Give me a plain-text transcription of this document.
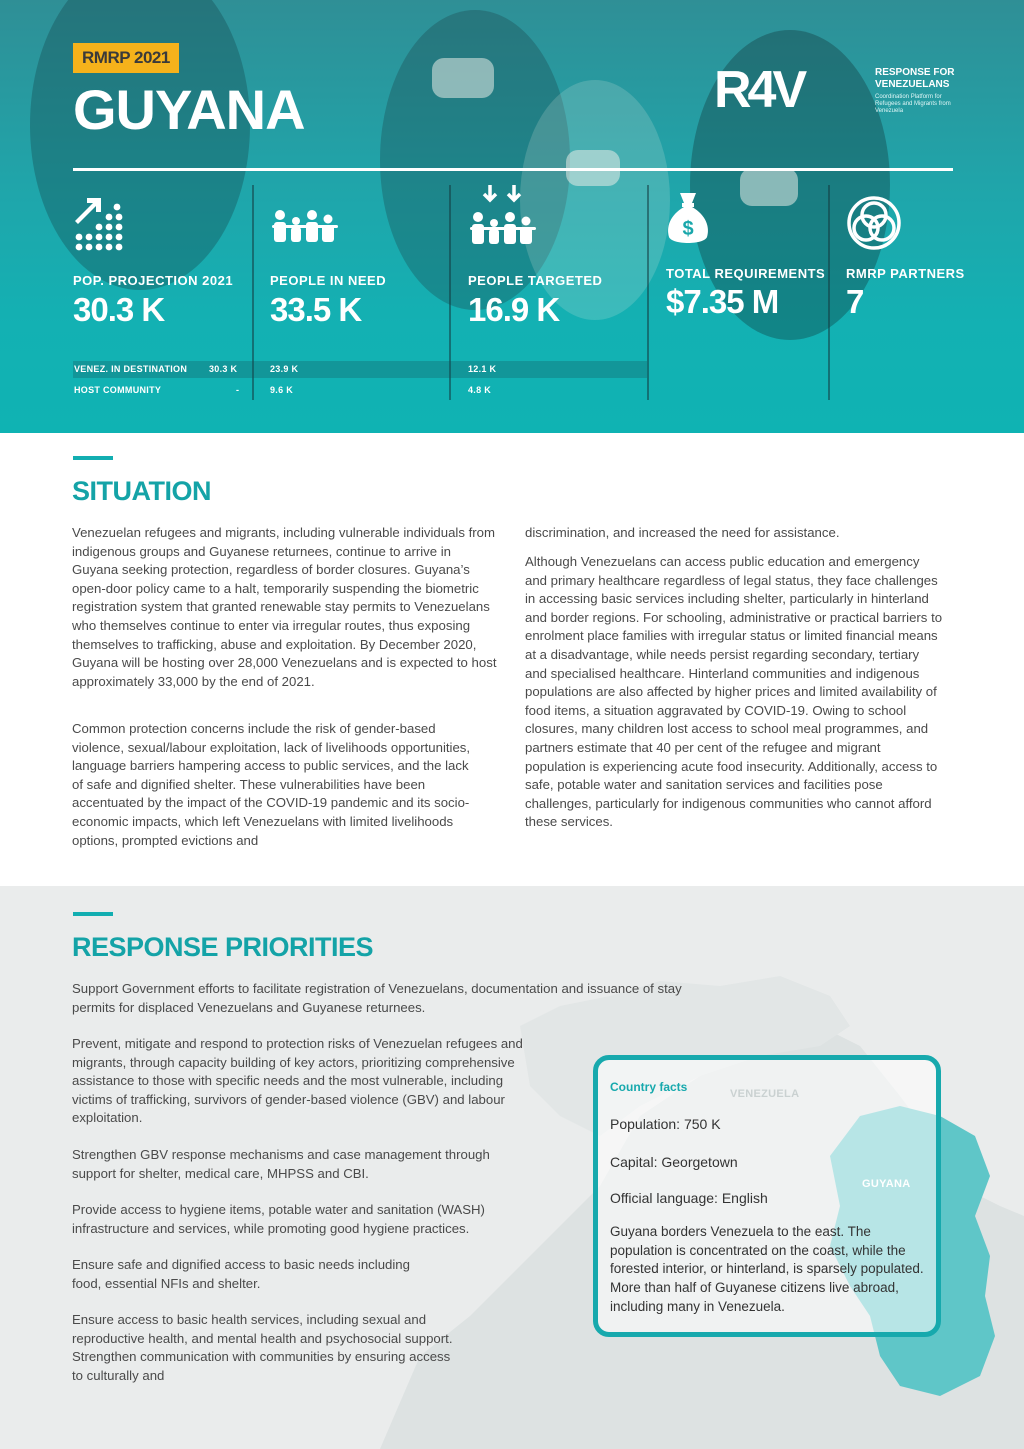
RMRP 2021
GUYANA	R4V	RESPONSE FOR VENEZUELANS
Coordination Platform for Refugees and Migrants from Venezuela
POP. PROJECTION 2021
30.3 K
PEOPLE IN NEED
33.5 K
PEOPLE TARGETED
16.9 K
$
TOTAL REQUIREMENTS
$7.35 M
RMRP PARTNERS
7
VENEZ. IN DESTINATION 30.3 K	23.9 K	12.1 K
HOST COMMUNITY	-	9.6 K	4.8 K
SITUATION

Venezuelan refugees and migrants, including vulnerable individuals from indigenous groups and Guyanese returnees, continue to arrive in Guyana seeking protection, regardless of border closures. Guyana’s open-door policy came to a halt, temporarily suspending the biometric registration system that granted renewable stay permits to Venezuelans who themselves continue to enter via irregular routes, thus exposing themselves to trafficking, abuse and exploitation. By December 2020, Guyana will be hosting over 28,000 Venezuelans and is expected to host approximately 33,000 by the end of 2021.

Common protection concerns include the risk of gender-based violence, sexual/labour exploitation, lack of livelihoods opportunities, language barriers hampering access to public services, and the lack of safe and dignified shelter. These vulnerabilities have been accentuated by the impact of the COVID-19 pandemic and its socio-economic impacts, which left Venezuelans with limited livelihoods options, prompted evictions and

discrimination, and increased the need for assistance.

Although Venezuelans can access public education and emergency and primary healthcare regardless of legal status, they face challenges in accessing basic services including shelter, particularly in hinterland and border regions. For schooling, administrative or practical barriers to enrolment place families with irregular status or limited financial means at a disadvantage, while needs persist regarding secondary, tertiary and specialised healthcare. Hinterland communities and indigenous populations are also affected by higher prices and limited availability of food items, a situation aggravated by COVID-19. Owing to school closures, many children lost access to school meal programmes, and partners estimate that 40 per cent of the refugee and migrant population is experiencing acute food insecurity. Additionally, access to safe, potable water and sanitation services and facilities pose challenges, particularly for indigenous communities who cannot afford these services.

RESPONSE PRIORITIES

Support Government efforts to facilitate registration of Venezuelans, documentation and issuance of stay permits for displaced Venezuelans and Guyanese returnees.

Prevent, mitigate and respond to protection risks of Venezuelan refugees and migrants, through capacity building of key actors, prioritizing comprehensive assistance to those with specific needs and the most vulnerable, including victims of trafficking, survivors of gender-based violence (GBV) and labour exploitation.

Strengthen GBV response mechanisms and case management through support for shelter, medical care, MHPSS and CBI.

Provide access to hygiene items, potable water and sanitation (WASH) infrastructure and services, while promoting good hygiene practices.

Ensure safe and dignified access to basic needs including food, essential NFIs and shelter.

Ensure access to basic health services, including sexual and reproductive health, and mental health and psychosocial support. Strengthen communication with communities by ensuring access to culturally and

Country facts
Population: 750 K
Capital: Georgetown
Official language: English

Guyana borders Venezuela to the east. The population is concentrated on the coast, while the forested interior, or hinterland, is sparsely populated. More than half of Guyanese citizens live abroad, including many in Venezuela.
